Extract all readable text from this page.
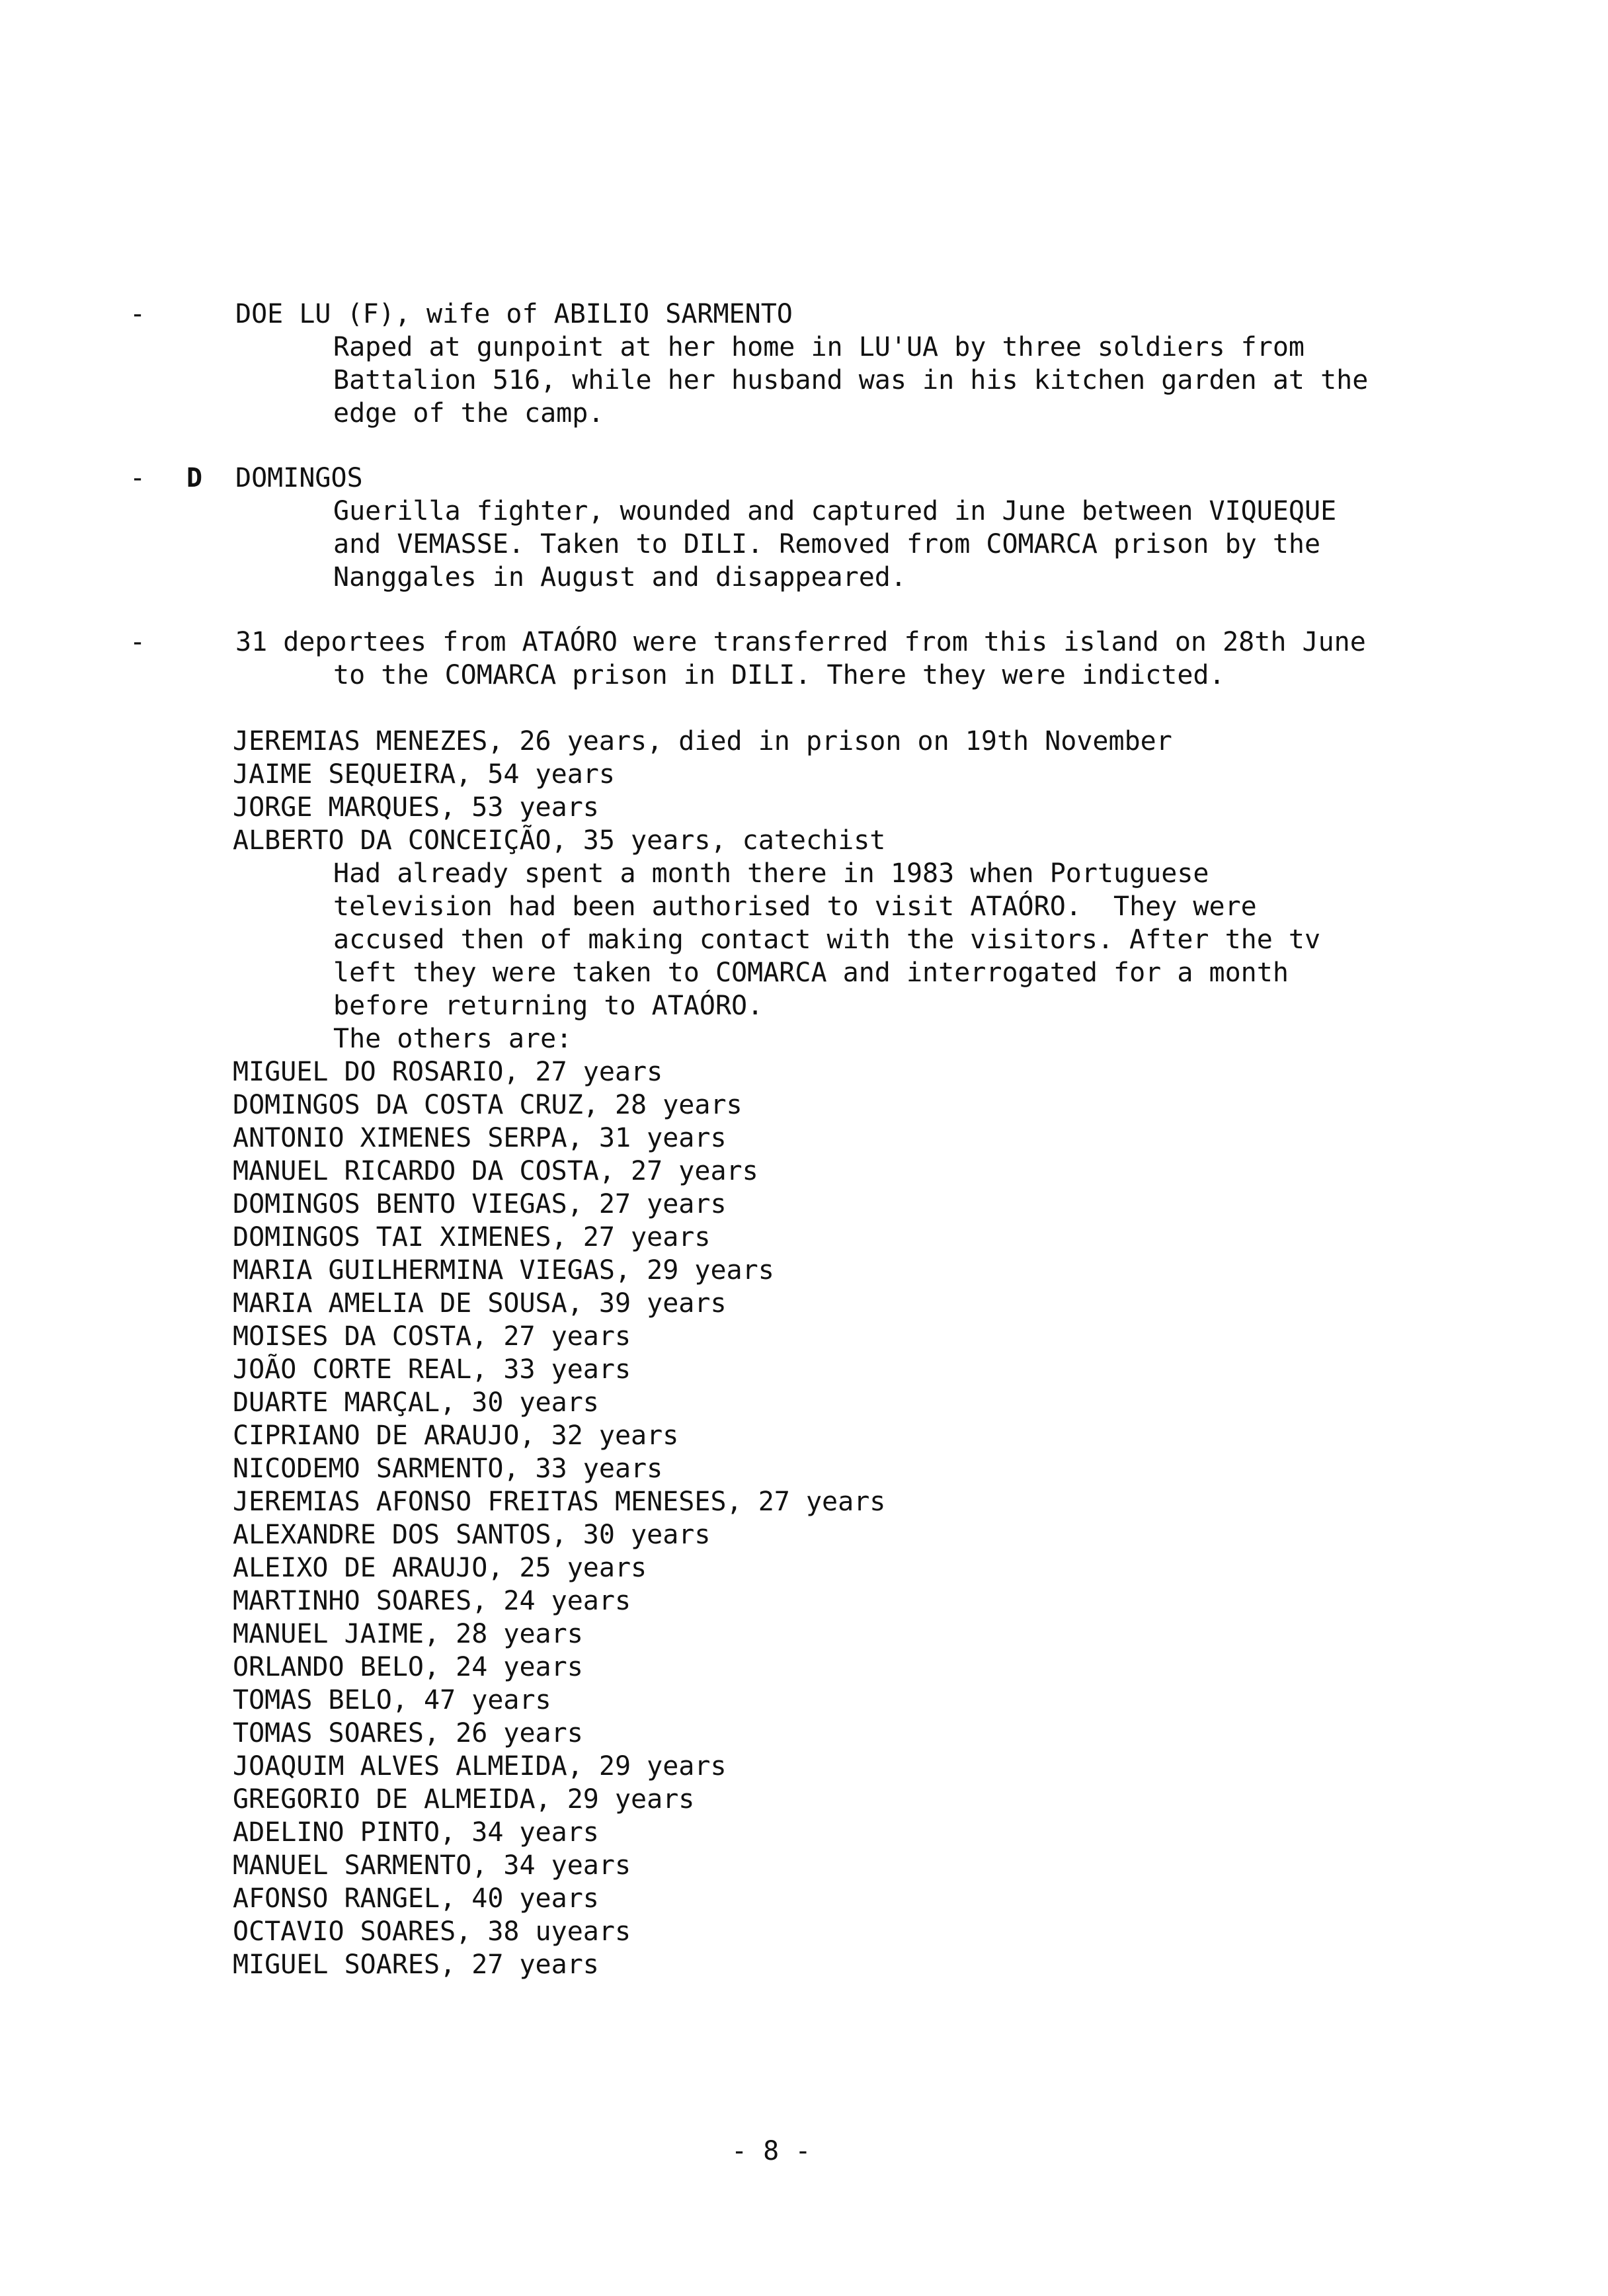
-	DOE LU (F), wife of ABILIO SARMENTO
Raped at gunpoint at her home in LU'UA by three soldiers from
Battalion 516, while her husband was in his kitchen garden at the
edge of the camp.
- D DOMINGOS
Guerilla fighter, wounded and captured in June between VIQUEQUE
and VEMASSE. Taken to DILI. Removed from COMARCA prison by the
Nanggales in August and disappeared.
-	31 deportees from ATAÓRO were transferred from this island on 28th June
to the COMARCA prison in DILI. There they were indicted.
JEREMIAS MENEZES, 26 years, died in prison on 19th November
JAIME SEQUEIRA, 54 years
JORGE MARQUES, 53 years
ALBERTO DA CONCEIÇÃO, 35 years, catechist
Had already spent a month there in 1983 when Portuguese
television had been authorised to visit ATAÓRO.  They were
accused then of making contact with the visitors. After the tv
left they were taken to COMARCA and interrogated for a month
before returning to ATAÓRO.
The others are:
MIGUEL DO ROSARIO, 27 years
DOMINGOS DA COSTA CRUZ, 28 years
ANTONIO XIMENES SERPA, 31 years
MANUEL RICARDO DA COSTA, 27 years
DOMINGOS BENTO VIEGAS, 27 years
DOMINGOS TAI XIMENES, 27 years
MARIA GUILHERMINA VIEGAS, 29 years
MARIA AMELIA DE SOUSA, 39 years
MOISES DA COSTA, 27 years
JOÃO CORTE REAL, 33 years
DUARTE MARÇAL, 30 years
CIPRIANO DE ARAUJO, 32 years
NICODEMO SARMENTO, 33 years
JEREMIAS AFONSO FREITAS MENESES, 27 years
ALEXANDRE DOS SANTOS, 30 years
ALEIXO DE ARAUJO, 25 years
MARTINHO SOARES, 24 years
MANUEL JAIME, 28 years
ORLANDO BELO, 24 years
TOMAS BELO, 47 years
TOMAS SOARES, 26 years
JOAQUIM ALVES ALMEIDA, 29 years
GREGORIO DE ALMEIDA, 29 years
ADELINO PINTO, 34 years
MANUEL SARMENTO, 34 years
AFONSO RANGEL, 40 years
OCTAVIO SOARES, 38 uyears
MIGUEL SOARES, 27 years
- 8 -
